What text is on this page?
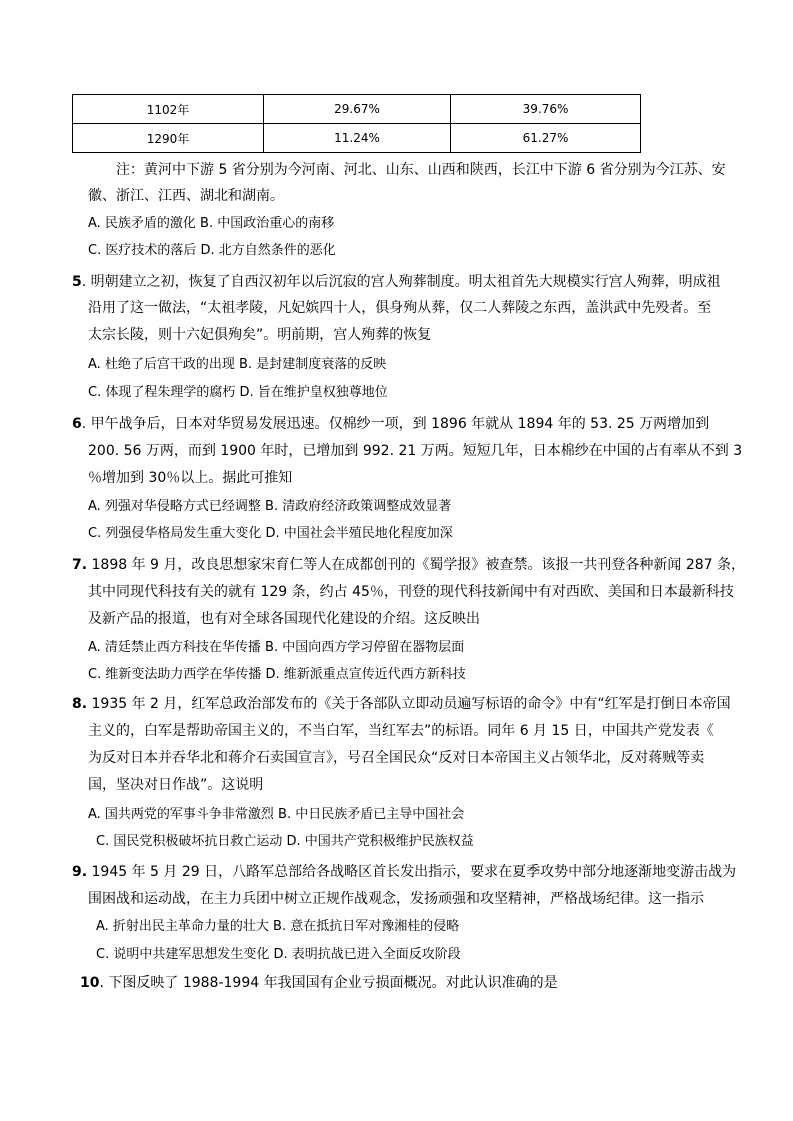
1102年	29.67%	39.76%
1290年	11.24%	61.27%
注：黄河中下游 5 省分别为今河南、河北、山东、山西和陕西，长江中下游 6 省分别为今江苏、安
徽、浙江、江西、湖北和湖南。
A. 民族矛盾的激化 B. 中国政治重心的南移
C. 医疗技术的落后 D. 北方自然条件的恶化
5. 明朝建立之初，恢复了自西汉初年以后沉寂的宫人殉葬制度。明太祖首先大规模实行宫人殉葬，明成祖
沿用了这一做法，“太祖孝陵，凡妃嫔四十人，俱身殉从葬，仅二人葬陵之东西，盖洪武中先殁者。至
太宗长陵，则十六妃俱殉矣”。明前期，宫人殉葬的恢复
A. 杜绝了后宫干政的出现 B. 是封建制度衰落的反映
C. 体现了程朱理学的腐朽 D. 旨在维护皇权独尊地位
6. 甲午战争后，日本对华贸易发展迅速。仅棉纱一项，到 1896 年就从 1894 年的 53. 25 万两增加到
200. 56 万两，而到 1900 年时，已增加到 992. 21 万两。短短几年，日本棉纱在中国的占有率从不到 3
％增加到 30％以上。据此可推知
A. 列强对华侵略方式已经调整 B. 清政府经济政策调整成效显著
C. 列强侵华格局发生重大变化 D. 中国社会半殖民地化程度加深
7. 1898 年 9 月，改良思想家宋育仁等人在成都创刊的《蜀学报》被查禁。该报一共刊登各种新闻 287 条，
其中同现代科技有关的就有 129 条，约占 45％，刊登的现代科技新闻中有对西欧、美国和日本最新科技
及新产品的报道，也有对全球各国现代化建设的介绍。这反映出
A. 清廷禁止西方科技在华传播 B. 中国向西方学习停留在器物层面
C. 维新变法助力西学在华传播 D. 维新派重点宣传近代西方新科技
8. 1935 年 2 月，红军总政治部发布的《关于各部队立即动员遍写标语的命令》中有“红军是打倒日本帝国
主义的，白军是帮助帝国主义的，不当白军，当红军去”的标语。同年 6 月 15 日，中国共产党发表《
为反对日本并吞华北和蒋介石卖国宣言》，号召全国民众“反对日本帝国主义占领华北，反对蒋贼等卖
国，坚决对日作战”。这说明
A. 国共两党的军事斗争非常激烈 B. 中日民族矛盾已主导中国社会
C. 国民党积极破坏抗日救亡运动 D. 中国共产党积极维护民族权益
9. 1945 年 5 月 29 日，八路军总部给各战略区首长发出指示，要求在夏季攻势中部分地逐渐地变游击战为
围困战和运动战，在主力兵团中树立正规作战观念，发扬顽强和攻坚精神，严格战场纪律。这一指示
A. 折射出民主革命力量的壮大 B. 意在抵抗日军对豫湘桂的侵略
C. 说明中共建军思想发生变化 D. 表明抗战已进入全面反攻阶段
10. 下图反映了 1988-1994 年我国国有企业亏损面概况。对此认识准确的是
